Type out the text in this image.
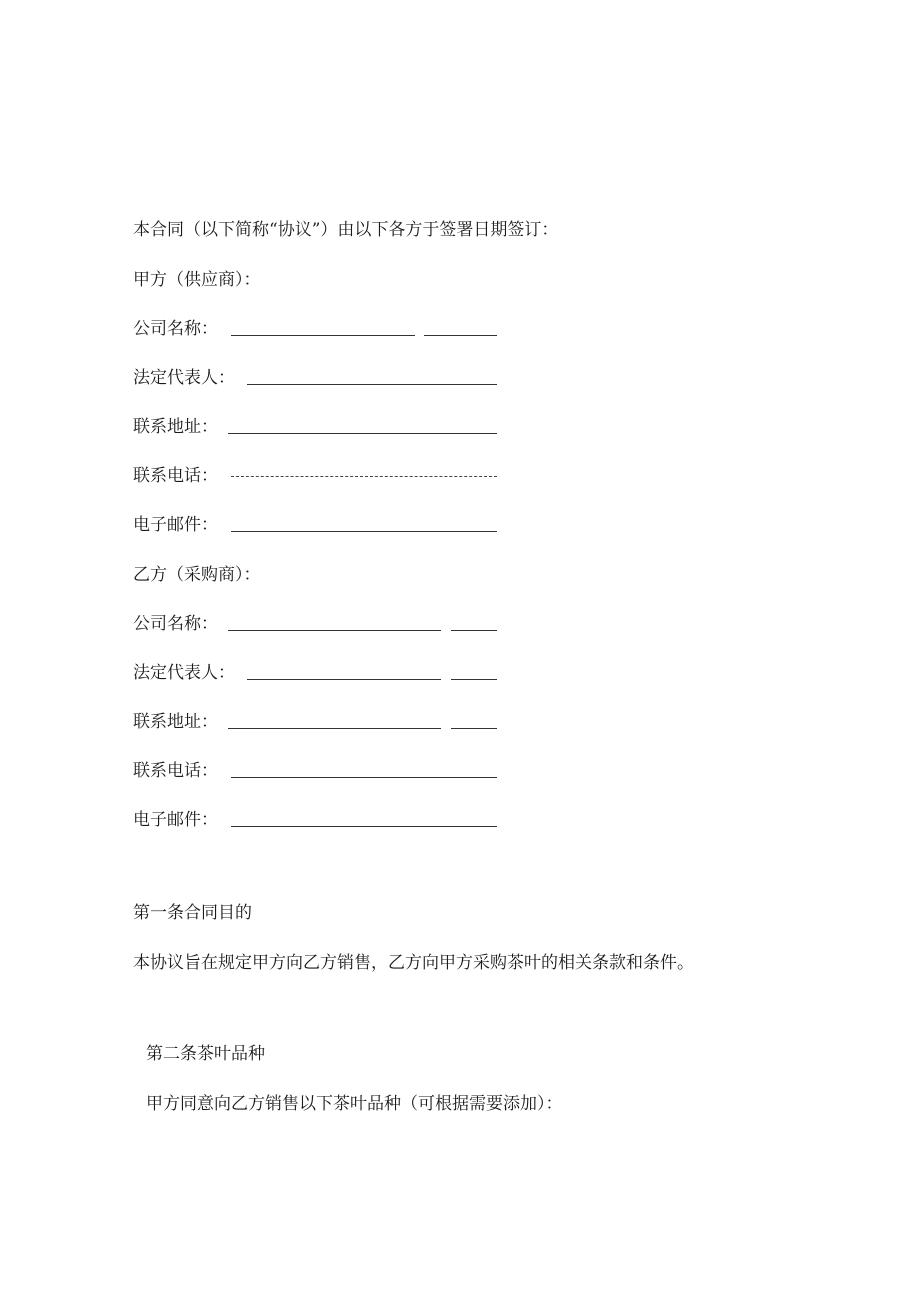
本合同（以下简称“协议”）由以下各方于签署日期签订：
甲方（供应商）：
公司名称：
法定代表人：
联系地址：
联系电话：
电子邮件：
乙方（采购商）：
公司名称：
法定代表人：
联系地址：
联系电话：
电子邮件：
第一条合同目的
本协议旨在规定甲方向乙方销售，乙方向甲方采购茶叶的相关条款和条件。
第二条茶叶品种
甲方同意向乙方销售以下茶叶品种（可根据需要添加）：
